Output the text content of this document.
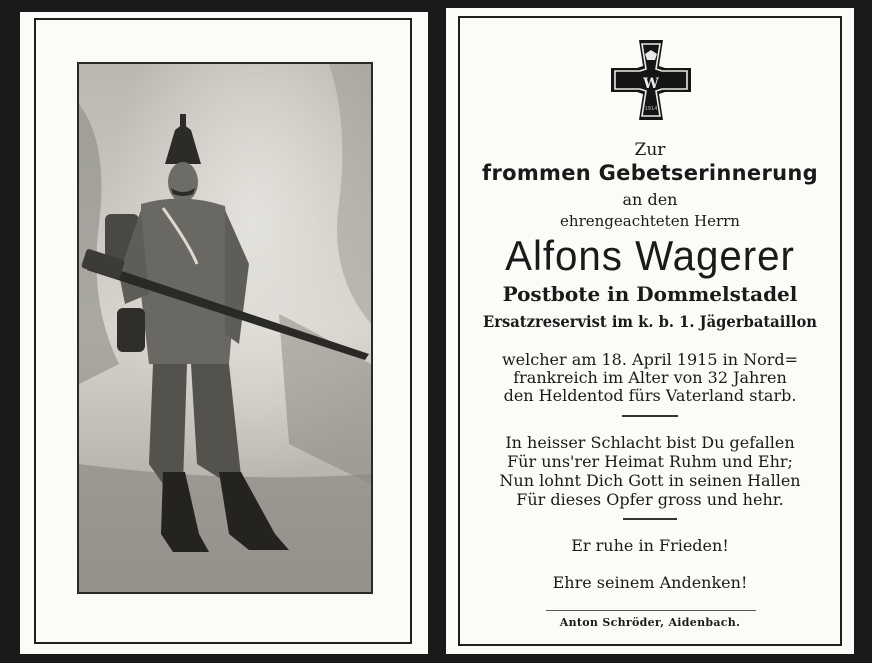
W
1914
Zur
frommen Gebetserinnerung
an den
ehrengeachteten Herrn
Alfons Wagerer
Postbote in Dommelstadel
Ersatzreservist im k. b. 1. Jägerbataillon
welcher am 18. April 1915 in Nord=
frankreich im Alter von 32 Jahren
den Heldentod fürs Vaterland starb.
In heisser Schlacht bist Du gefallen
Für uns'rer Heimat Ruhm und Ehr;
Nun lohnt Dich Gott in seinen Hallen
Für dieses Opfer gross und hehr.
Er ruhe in Frieden!
Ehre seinem Andenken!
Anton Schröder, Aidenbach.
